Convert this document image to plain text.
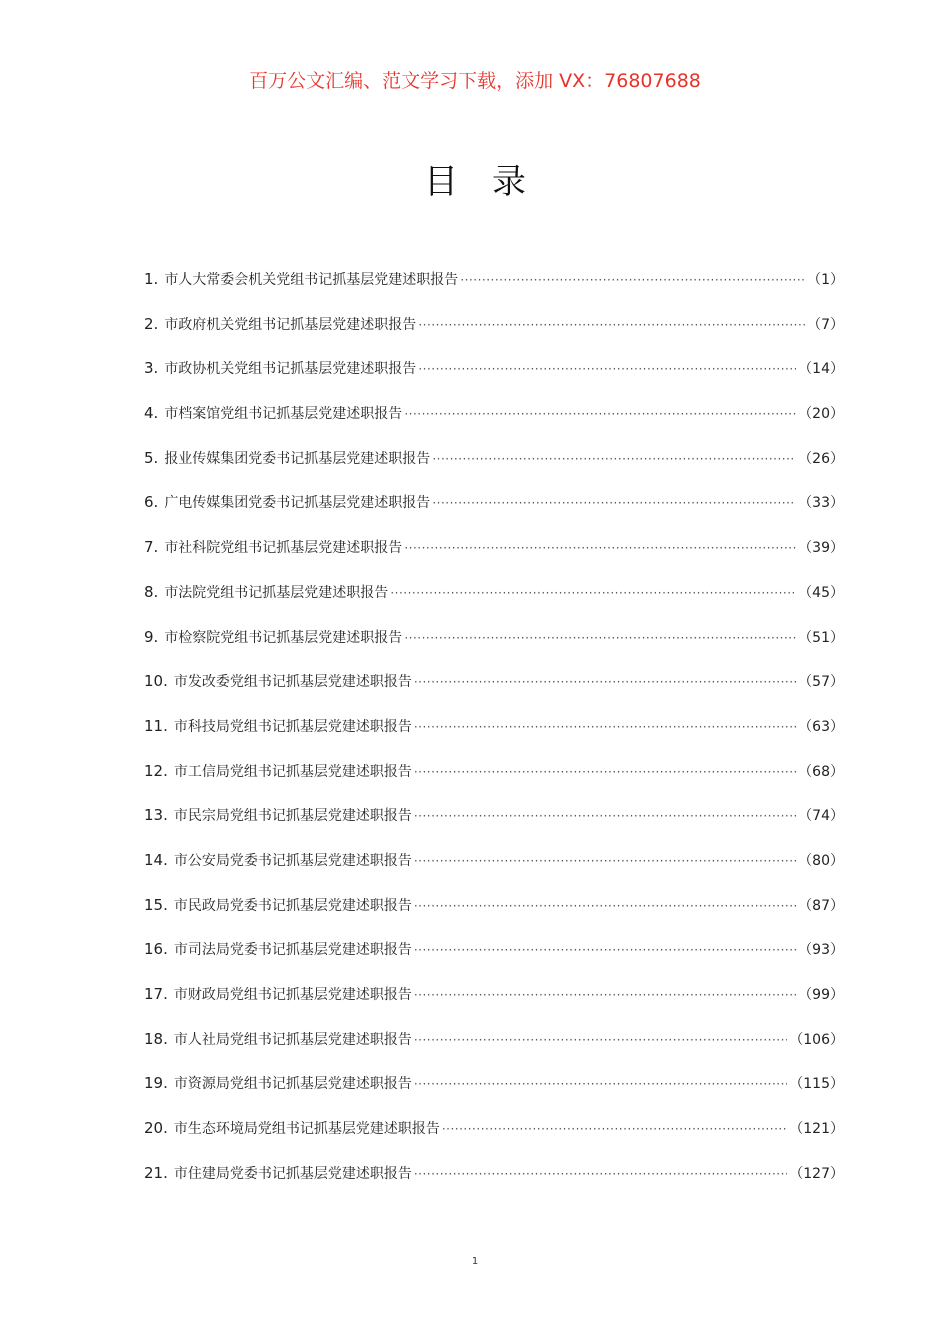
百万公文汇编、范文学习下载，添加 VX：76807688
目 录
1. 市人大常委会机关党组书记抓基层党建述职报告 ·····	（1）
2. 市政府机关党组书记抓基层党建述职报告 ·····	（7）
3. 市政协机关党组书记抓基层党建述职报告 ·····	（14）
4. 市档案馆党组书记抓基层党建述职报告 ·····	（20）
5. 报业传媒集团党委书记抓基层党建述职报告 ·····	（26）
6. 广电传媒集团党委书记抓基层党建述职报告 ·····	（33）
7. 市社科院党组书记抓基层党建述职报告 ·····	（39）
8. 市法院党组书记抓基层党建述职报告 ·····	（45）
9. 市检察院党组书记抓基层党建述职报告 ·····	（51）
10. 市发改委党组书记抓基层党建述职报告 ·····	（57）
11. 市科技局党组书记抓基层党建述职报告 ·····	（63）
12. 市工信局党组书记抓基层党建述职报告 ·····	（68）
13. 市民宗局党组书记抓基层党建述职报告 ·····	（74）
14. 市公安局党委书记抓基层党建述职报告 ·····	（80）
15. 市民政局党委书记抓基层党建述职报告 ·····	（87）
16. 市司法局党委书记抓基层党建述职报告 ·····	（93）
17. 市财政局党组书记抓基层党建述职报告 ·····	（99）
18. 市人社局党组书记抓基层党建述职报告 ·····	（106）
19. 市资源局党组书记抓基层党建述职报告 ·····	（115）
20. 市生态环境局党组书记抓基层党建述职报告 ·····	（121）
21. 市住建局党委书记抓基层党建述职报告 ·····	（127）
1
